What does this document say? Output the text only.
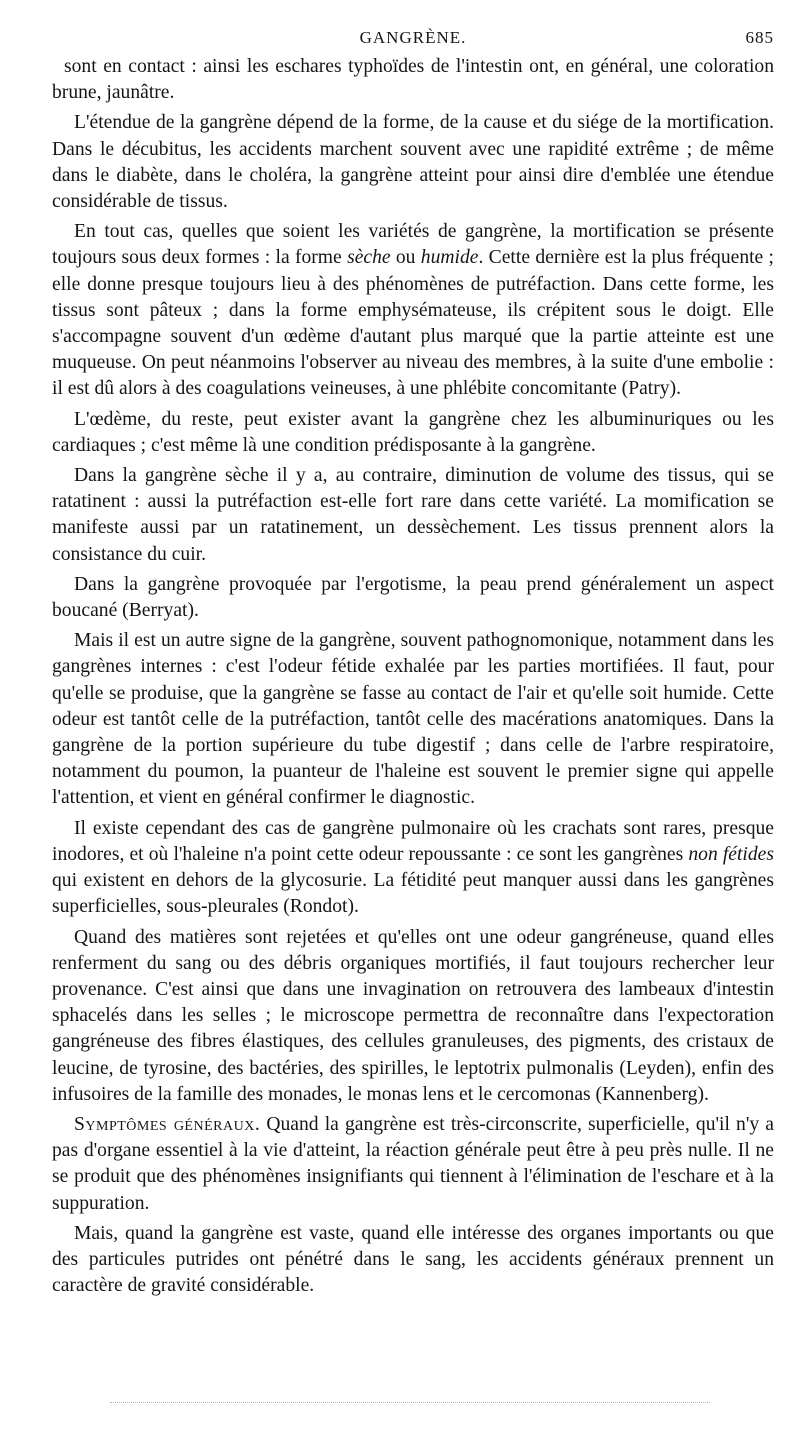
GANGRÈNE.	685

sont en contact : ainsi les eschares typhoïdes de l'intestin ont, en général, une coloration brune, jaunâtre.

L'étendue de la gangrène dépend de la forme, de la cause et du siége de la mortification. Dans le décubitus, les accidents marchent souvent avec une rapidité extrême ; de même dans le diabète, dans le choléra, la gangrène atteint pour ainsi dire d'emblée une étendue considérable de tissus.

En tout cas, quelles que soient les variétés de gangrène, la mortification se présente toujours sous deux formes : la forme sèche ou humide. Cette dernière est la plus fréquente ; elle donne presque toujours lieu à des phénomènes de putréfaction. Dans cette forme, les tissus sont pâteux ; dans la forme emphysémateuse, ils crépitent sous le doigt. Elle s'accompagne souvent d'un œdème d'autant plus marqué que la partie atteinte est une muqueuse. On peut néanmoins l'observer au niveau des membres, à la suite d'une embolie : il est dû alors à des coagulations veineuses, à une phlébite concomitante (Patry).

L'œdème, du reste, peut exister avant la gangrène chez les albuminuriques ou les cardiaques ; c'est même là une condition prédisposante à la gangrène.

Dans la gangrène sèche il y a, au contraire, diminution de volume des tissus, qui se ratatinent : aussi la putréfaction est-elle fort rare dans cette variété. La momification se manifeste aussi par un ratatinement, un dessèchement. Les tissus prennent alors la consistance du cuir.

Dans la gangrène provoquée par l'ergotisme, la peau prend généralement un aspect boucané (Berryat).

Mais il est un autre signe de la gangrène, souvent pathognomonique, notamment dans les gangrènes internes : c'est l'odeur fétide exhalée par les parties mortifiées. Il faut, pour qu'elle se produise, que la gangrène se fasse au contact de l'air et qu'elle soit humide. Cette odeur est tantôt celle de la putréfaction, tantôt celle des macérations anatomiques. Dans la gangrène de la portion supérieure du tube digestif ; dans celle de l'arbre respiratoire, notamment du poumon, la puanteur de l'haleine est souvent le premier signe qui appelle l'attention, et vient en général confirmer le diagnostic.

Il existe cependant des cas de gangrène pulmonaire où les crachats sont rares, presque inodores, et où l'haleine n'a point cette odeur repoussante : ce sont les gangrènes non fétides qui existent en dehors de la glycosurie. La fétidité peut manquer aussi dans les gangrènes superficielles, sous-pleurales (Rondot).

Quand des matières sont rejetées et qu'elles ont une odeur gangréneuse, quand elles renferment du sang ou des débris organiques mortifiés, il faut toujours rechercher leur provenance. C'est ainsi que dans une invagination on retrouvera des lambeaux d'intestin sphacelés dans les selles ; le microscope permettra de reconnaître dans l'expectoration gangréneuse des fibres élastiques, des cellules granuleuses, des pigments, des cristaux de leucine, de tyrosine, des bactéries, des spirilles, le leptotrix pulmonalis (Leyden), enfin des infusoires de la famille des monades, le monas lens et le cercomonas (Kannenberg).

Symptômes généraux. Quand la gangrène est très-circonscrite, superficielle, qu'il n'y a pas d'organe essentiel à la vie d'atteint, la réaction générale peut être à peu près nulle. Il ne se produit que des phénomènes insignifiants qui tiennent à l'élimination de l'eschare et à la suppuration.

Mais, quand la gangrène est vaste, quand elle intéresse des organes importants ou que des particules putrides ont pénétré dans le sang, les accidents généraux prennent un caractère de gravité considérable.
